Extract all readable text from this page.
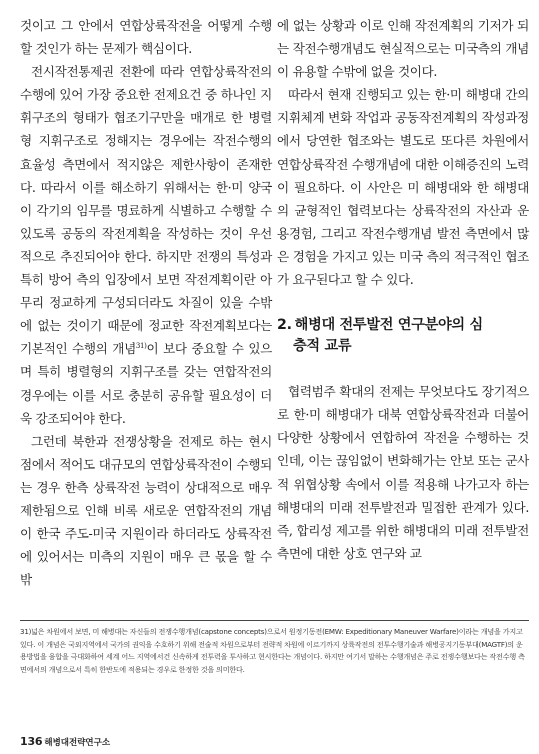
것이고 그 안에서 연합상륙작전을 어떻게 수행할 것인가 하는 문제가 핵심이다.

전시작전통제권 전환에 따라 연합상륙작전의 수행에 있어 가장 중요한 전제요건 중 하나인 지휘구조의 형태가 협조기구만을 매개로 한 병렬형 지휘구조로 정해지는 경우에는 작전수행의 효율성 측면에서 적지않은 제한사항이 존재한다. 따라서 이를 해소하기 위해서는 한·미 양국이 각기의 임무를 명료하게 식별하고 수행할 수 있도록 공동의 작전계획을 작성하는 것이 우선적으로 추진되어야 한다. 하지만 전쟁의 특성과 특히 방어 측의 입장에서 보면 작전계획이란 아무리 정교하게 구성되더라도 차질이 있을 수밖에 없는 것이기 때문에 정교한 작전계획보다는 기본적인 수행의 개념$^{31)}$이 보다 중요할 수 있으며 특히 병렬형의 지휘구조를 갖는 연합작전의 경우에는 이를 서로 충분히 공유할 필요성이 더욱 강조되어야 한다.

그런데 북한과 전쟁상황을 전제로 하는 현시점에서 적어도 대규모의 연합상륙작전이 수행되는 경우 한측 상륙작전 능력이 상대적으로 매우 제한됨으로 인해 비록 새로운 연합작전의 개념이 한국 주도-미국 지원이라 하더라도 상륙작전에 있어서는 미측의 지원이 매우 큰 몫을 할 수밖

에 없는 상황과 이로 인해 작전계획의 기저가 되는 작전수행개념도 현실적으로는 미국측의 개념이 유용할 수밖에 없을 것이다.

따라서 현재 진행되고 있는 한·미 해병대 간의 지휘체계 변화 작업과 공동작전계획의 작성과정에서 당연한 협조와는 별도로 또다른 차원에서 연합상륙작전 수행개념에 대한 이해증진의 노력이 필요하다. 이 사안은 미 해병대와 한 해병대의 균형적인 협력보다는 상륙작전의 자산과 운용경험, 그리고 작전수행개념 발전 측면에서 많은 경험을 가지고 있는 미국 측의 적극적인 협조가 요구된다고 할 수 있다.

2. 해병대 전투발전 연구분야의 심
층적 교류

협력범주 확대의 전제는 무엇보다도 장기적으로 한·미 해병대가 대북 연합상륙작전과 더불어 다양한 상황에서 연합하여 작전을 수행하는 것인데, 이는 끊임없이 변화해가는 안보 또는 군사적 위협상황 속에서 이를 적용해 나가고자 하는 해병대의 미래 전투발전과 밀접한 관계가 있다. 즉, 합리성 제고를 위한 해병대의 미래 전투발전 측면에 대한 상호 연구와 교

31)넓은 차원에서 보면, 미 해병대는 자신들의 전쟁수행개념(capstone concepts)으로서 원정기동전(EMW: Expeditionary Maneuver Warfare)이라는 개념을 가지고 있다. 이 개념은 국외지역에서 국가의 권익을 수호하기 위해 전술적 차원으로부터 전략적 차원에 이르기까지 상륙작전의 전투수행기술과 해병공지기동부대(MAGTF)의 운용방법을 융합을 극대화하여 세계 어느 지역에서건 신속하게 전투력을 투사하고 현시한다는 개념이다. 하지만 여기서 말하는 수행개념은 주로 전쟁수행보다는 작전수행 측면에서의 개념으로서 특히 한반도에 적용되는 경우로 한정한 것을 의미한다.
136 해병대전략연구소
